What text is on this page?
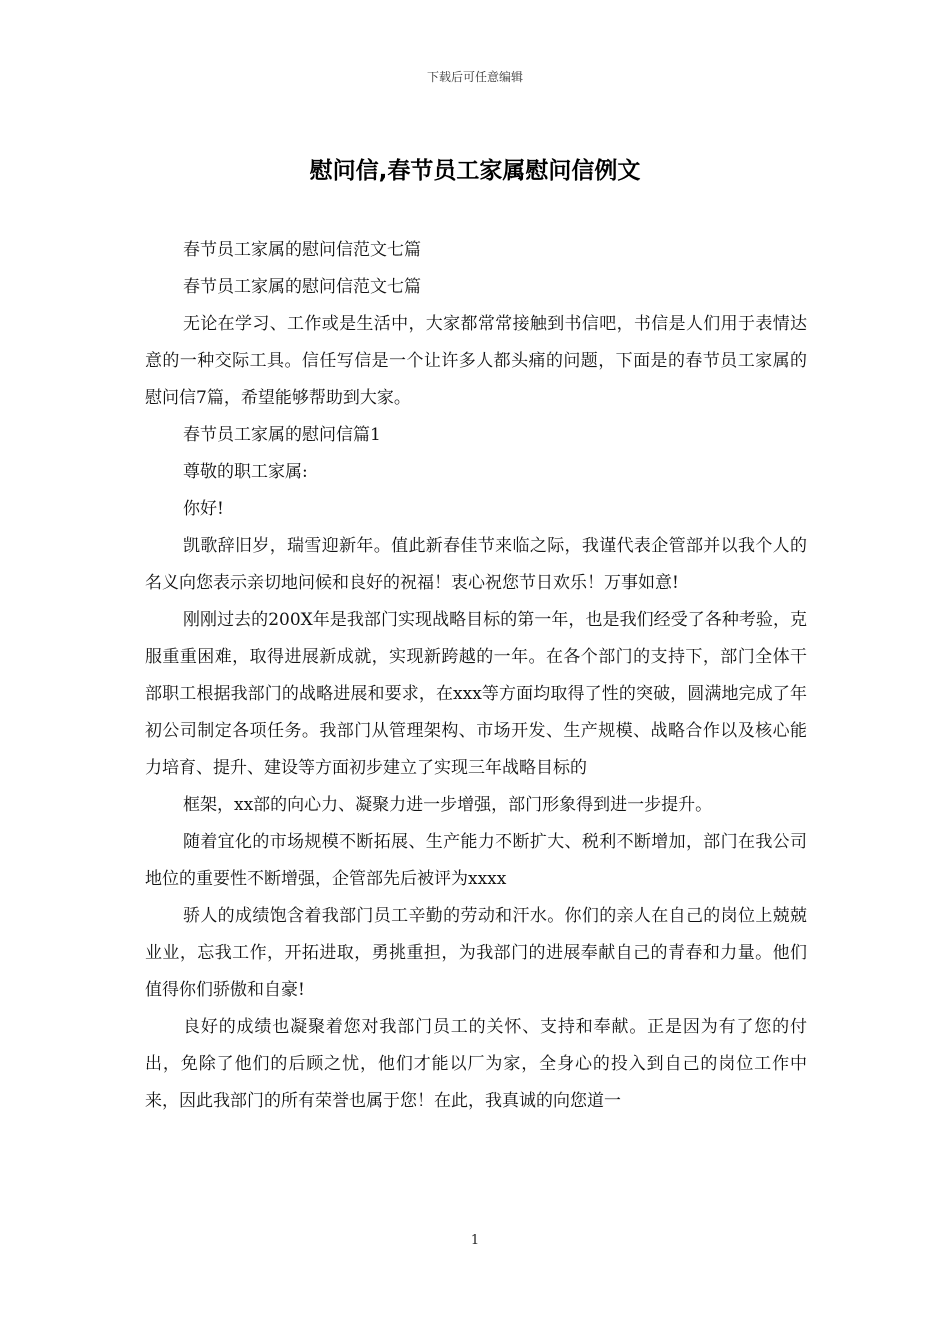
下载后可任意编辑
慰问信,春节员工家属慰问信例文

春节员工家属的慰问信范文七篇

春节员工家属的慰问信范文七篇

无论在学习、工作或是生活中，大家都常常接触到书信吧，书信是人们用于表情达意的一种交际工具。信任写信是一个让许多人都头痛的问题，下面是的春节员工家属的慰问信7篇，希望能够帮助到大家。

春节员工家属的慰问信篇1

尊敬的职工家属:

你好!

凯歌辞旧岁，瑞雪迎新年。值此新春佳节来临之际，我谨代表企管部并以我个人的名义向您表示亲切地问候和良好的祝福！衷心祝您节日欢乐！万事如意!

刚刚过去的200X年是我部门实现战略目标的第一年，也是我们经受了各种考验，克服重重困难，取得进展新成就，实现新跨越的一年。在各个部门的支持下，部门全体干部职工根据我部门的战略进展和要求，在xxx等方面均取得了性的突破，圆满地完成了年初公司制定各项任务。我部门从管理架构、市场开发、生产规模、战略合作以及核心能力培育、提升、建设等方面初步建立了实现三年战略目标的

框架，xx部的向心力、凝聚力进一步增强，部门形象得到进一步提升。

随着宜化的市场规模不断拓展、生产能力不断扩大、税利不断增加，部门在我公司地位的重要性不断增强，企管部先后被评为xxxx

骄人的成绩饱含着我部门员工辛勤的劳动和汗水。你们的亲人在自己的岗位上兢兢业业，忘我工作，开拓进取，勇挑重担，为我部门的进展奉献自己的青春和力量。他们值得你们骄傲和自豪!

良好的成绩也凝聚着您对我部门员工的关怀、支持和奉献。正是因为有了您的付出，免除了他们的后顾之忧，他们才能以厂为家，全身心的投入到自己的岗位工作中来，因此我部门的所有荣誉也属于您！在此，我真诚的向您道一

1
